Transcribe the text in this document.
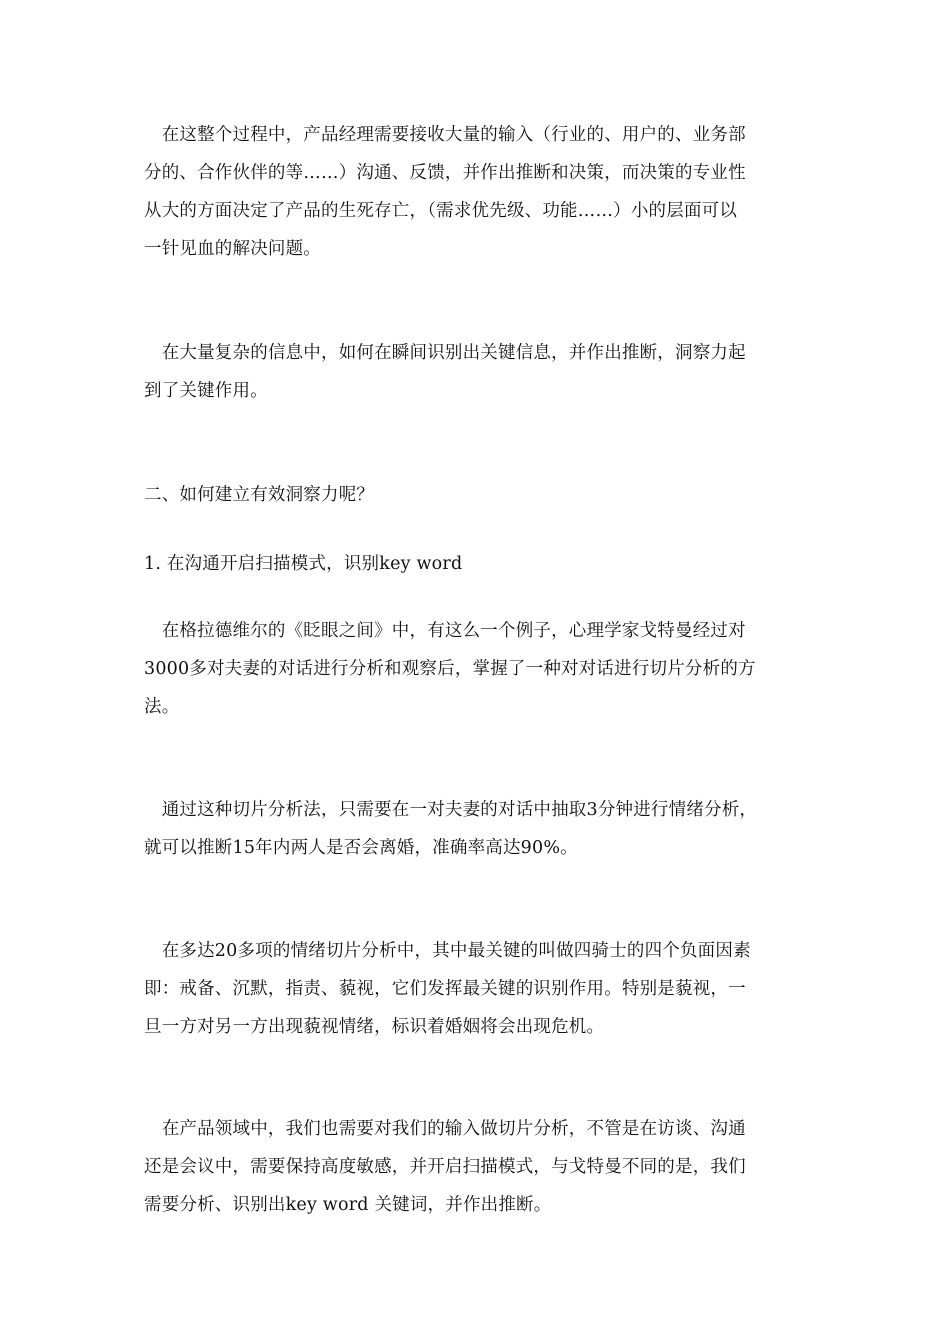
　在这整个过程中，产品经理需要接收大量的输入（行业的、用户的、业务部
分的、合作伙伴的等……）沟通、反馈，并作出推断和决策，而决策的专业性
从大的方面决定了产品的生死存亡，（需求优先级、功能……）小的层面可以
一针见血的解决问题。
　在大量复杂的信息中，如何在瞬间识别出关键信息，并作出推断，洞察力起
到了关键作用。
二、如何建立有效洞察力呢？
1. 在沟通开启扫描模式，识别key word
　在格拉德维尔的《眨眼之间》中，有这么一个例子，心理学家戈特曼经过对
3000多对夫妻的对话进行分析和观察后，掌握了一种对对话进行切片分析的方
法。
　通过这种切片分析法，只需要在一对夫妻的对话中抽取3分钟进行情绪分析，
就可以推断15年内两人是否会离婚，准确率高达90%。
　在多达20多项的情绪切片分析中，其中最关键的叫做四骑士的四个负面因素
即：戒备、沉默，指责、藐视，它们发挥最关键的识别作用。特别是藐视，一
旦一方对另一方出现藐视情绪，标识着婚姻将会出现危机。
　在产品领域中，我们也需要对我们的输入做切片分析，不管是在访谈、沟通
还是会议中，需要保持高度敏感，并开启扫描模式，与戈特曼不同的是，我们
需要分析、识别出key word 关键词，并作出推断。
